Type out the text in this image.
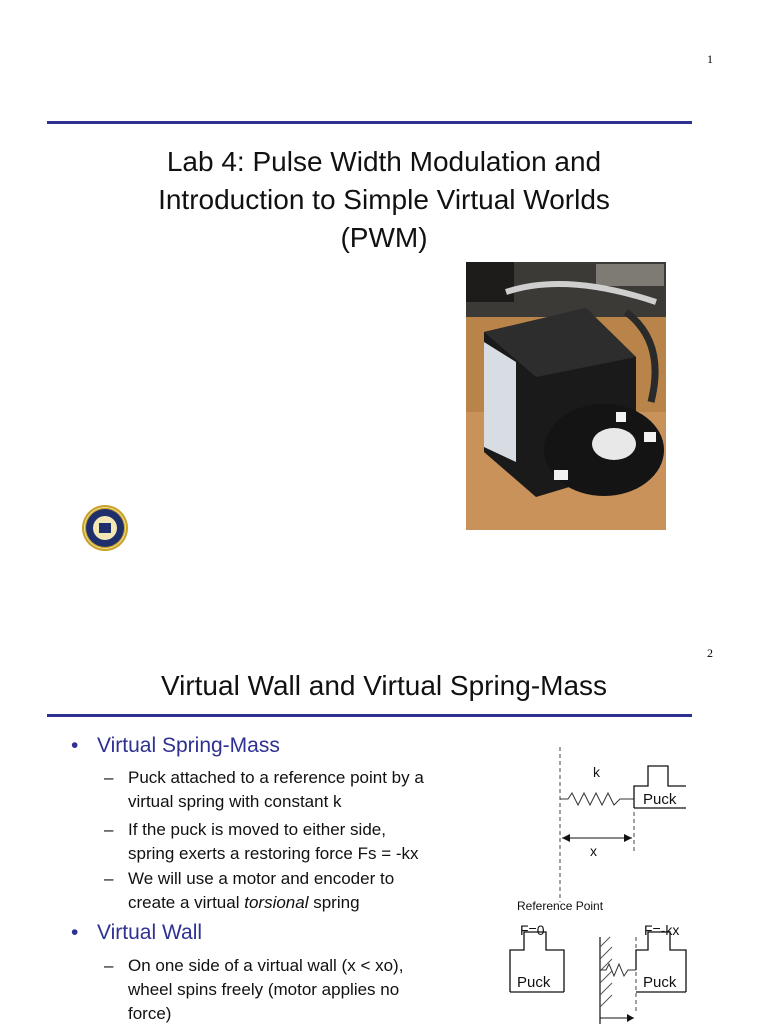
1
Lab 4: Pulse Width Modulation and
Introduction to Simple Virtual Worlds
(PWM)
2
Virtual Wall and Virtual Spring-Mass
• Virtual Spring-Mass
– Puck attached to a reference point by a
virtual spring with constant k
– If the puck is moved to either side,
spring exerts a restoring force Fs = -kx
– We will use a motor and encoder to
create a virtual torsional spring
• Virtual Wall
– On one side of a virtual wall (x < xo),
wheel spins freely (motor applies no
force)
k
Puck
x
Reference Point
F=0
Puck
F=-kx
Puck
